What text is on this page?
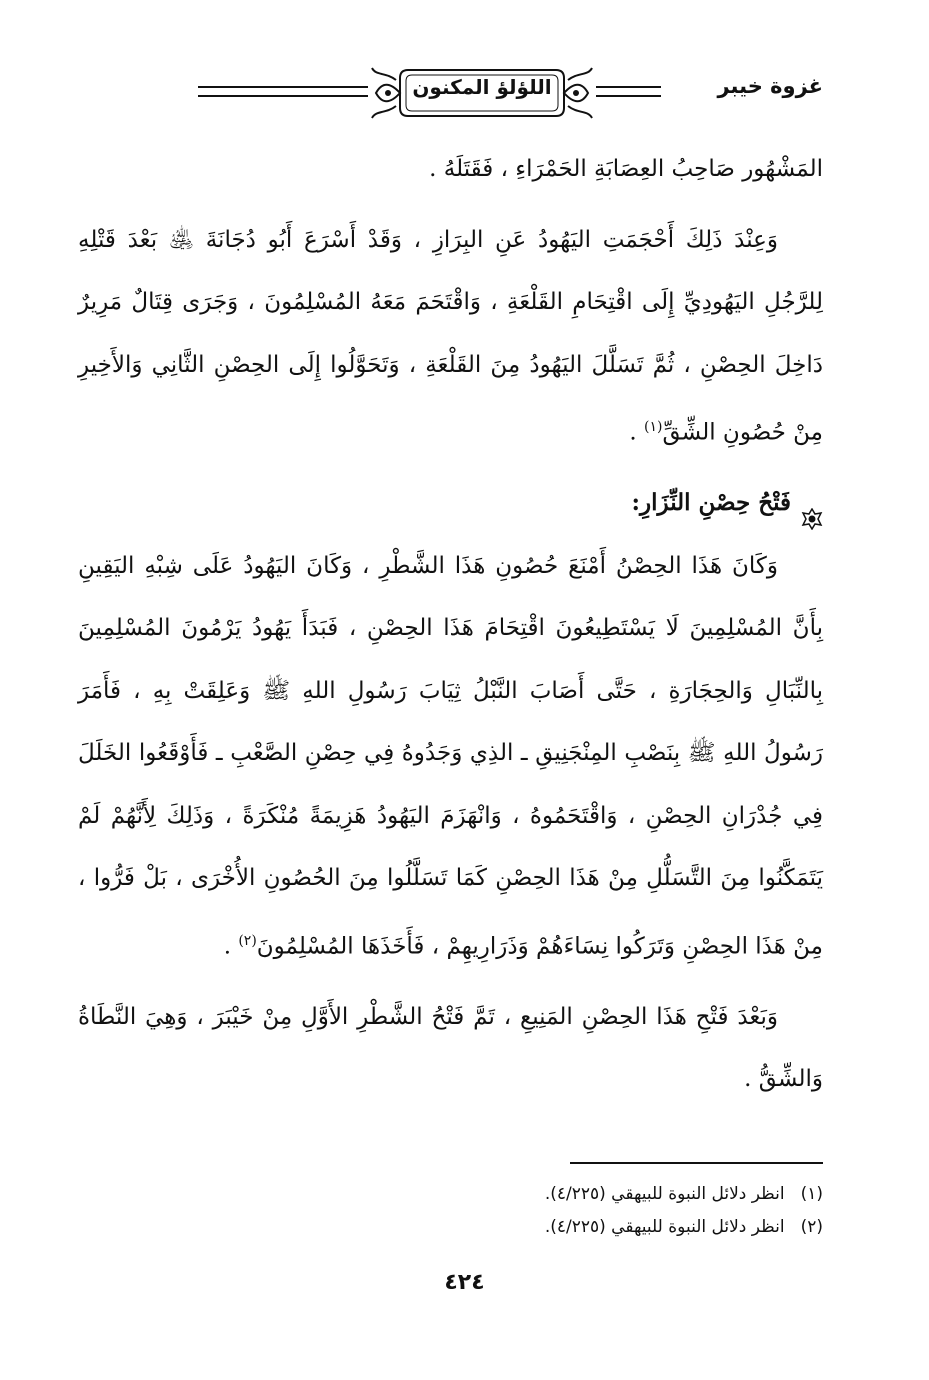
غزوة خيبر
اللؤلؤ المكنون

المَشْهُور صَاحِبُ العِصَابَةِ الحَمْرَاءِ ، فَقَتَلَهُ .

وَعِنْدَ ذَلِكَ أَحْجَمَتِ اليَهُودُ عَنِ البِرَازِ ، وَقَدْ أَسْرَعَ أَبُو دُجَانَةَ ﵁ بَعْدَ قَتْلِهِ لِلرَّجُلِ اليَهُودِيِّ إِلَى اقْتِحَامِ القَلْعَةِ ، وَاقْتَحَمَ مَعَهُ المُسْلِمُونَ ، وَجَرَى قِتَالٌ مَرِيرٌ دَاخِلَ الحِصْنِ ، ثُمَّ تَسَلَّلَ اليَهُودُ مِنَ القَلْعَةِ ، وَتَحَوَّلُوا إِلَى الحِصْنِ الثَّانِي وَالأَخِيرِ مِنْ حُصُونِ الشِّقِّ$^{(١)}$ .

فَتْحُ حِصْنِ النِّزَارِ:

وَكَانَ هَذَا الحِصْنُ أَمْنَعَ حُصُونِ هَذَا الشَّطْرِ ، وَكَانَ اليَهُودُ عَلَى شِبْهِ اليَقِينِ بِأَنَّ المُسْلِمِينَ لَا يَسْتَطِيعُونَ اقْتِحَامَ هَذَا الحِصْنِ ، فَبَدَأَ يَهُودُ يَرْمُونَ المُسْلِمِينَ بِالنِّبَالِ وَالحِجَارَةِ ، حَتَّى أَصَابَ النَّبْلُ ثِيَابَ رَسُولِ اللهِ ﷺ وَعَلِقَتْ بِهِ ، فَأَمَرَ رَسُولُ اللهِ ﷺ بِنَصْبِ المِنْجَنِيقِ ـ الذِي وَجَدُوهُ فِي حِصْنِ الصَّعْبِ ـ فَأَوْقَعُوا الخَلَلَ فِي جُدْرَانِ الحِصْنِ ، وَاقْتَحَمُوهُ ، وَانْهَزَمَ اليَهُودُ هَزِيمَةً مُنْكَرَةً ، وَذَلِكَ لِأَنَّهُمْ لَمْ يَتَمَكَّنُوا مِنَ التَّسَلُّلِ مِنْ هَذَا الحِصْنِ كَمَا تَسَلَّلُوا مِنَ الحُصُونِ الأُخْرَى ، بَلْ فَرُّوا ، مِنْ هَذَا الحِصْنِ وَتَرَكُوا نِسَاءَهُمْ وَذَرَارِيهِمْ ، فَأَخَذَهَا المُسْلِمُونَ$^{(٢)}$ .

وَبَعْدَ فَتْحِ هَذَا الحِصْنِ المَنِيعِ ، تَمَّ فَتْحُ الشَّطْرِ الأَوَّلِ مِنْ خَيْبَرَ ، وَهِيَ النَّطَاةُ وَالشِّقُّ .

(١)
انظر دلائل النبوة للبيهقي (٤/٢٢٥).
(٢)
انظر دلائل النبوة للبيهقي (٤/٢٢٥).
٤٢٤
